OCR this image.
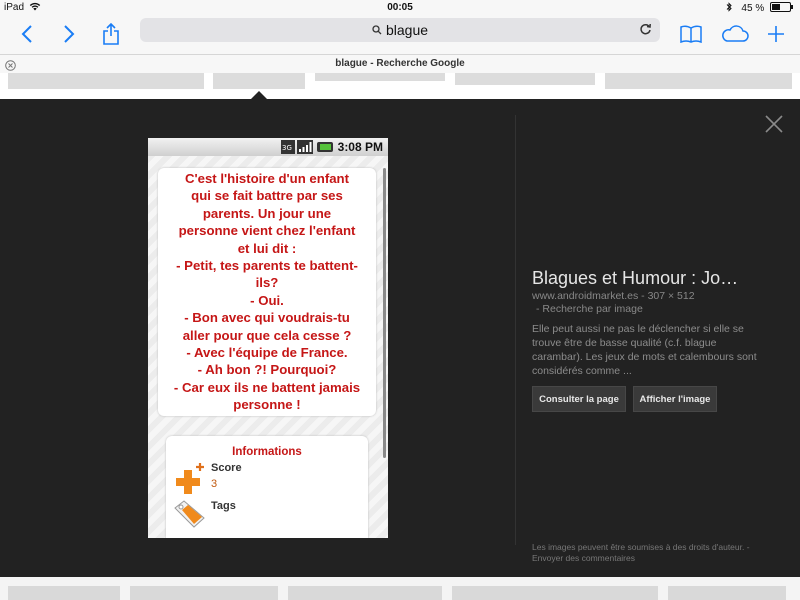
iPad	00:05	45 %
blague
blague - Recherche Google
3G	3:08 PM
C'est l'histoire d'un enfant
qui se fait battre par ses
parents. Un jour une
personne vient chez l'enfant
et lui dit :
- Petit, tes parents te battent-
ils?
- Oui.
- Bon avec qui voudrais-tu
aller pour que cela cesse ?
- Avec l'équipe de France.
- Ah bon ?! Pourquoi?
- Car eux ils ne battent jamais
personne !
Informations
Score
3
Tags
Blagues et Humour : Jo…
www.androidmarket.es - 307 × 512
- Recherche par image
Elle peut aussi ne pas le déclencher si elle se trouve être de basse qualité (c.f. blague carambar). Les jeux de mots et calembours sont considérés comme ...
Consulter la page	Afficher l'image
Les images peuvent être soumises à des droits d'auteur. -
Envoyer des commentaires
